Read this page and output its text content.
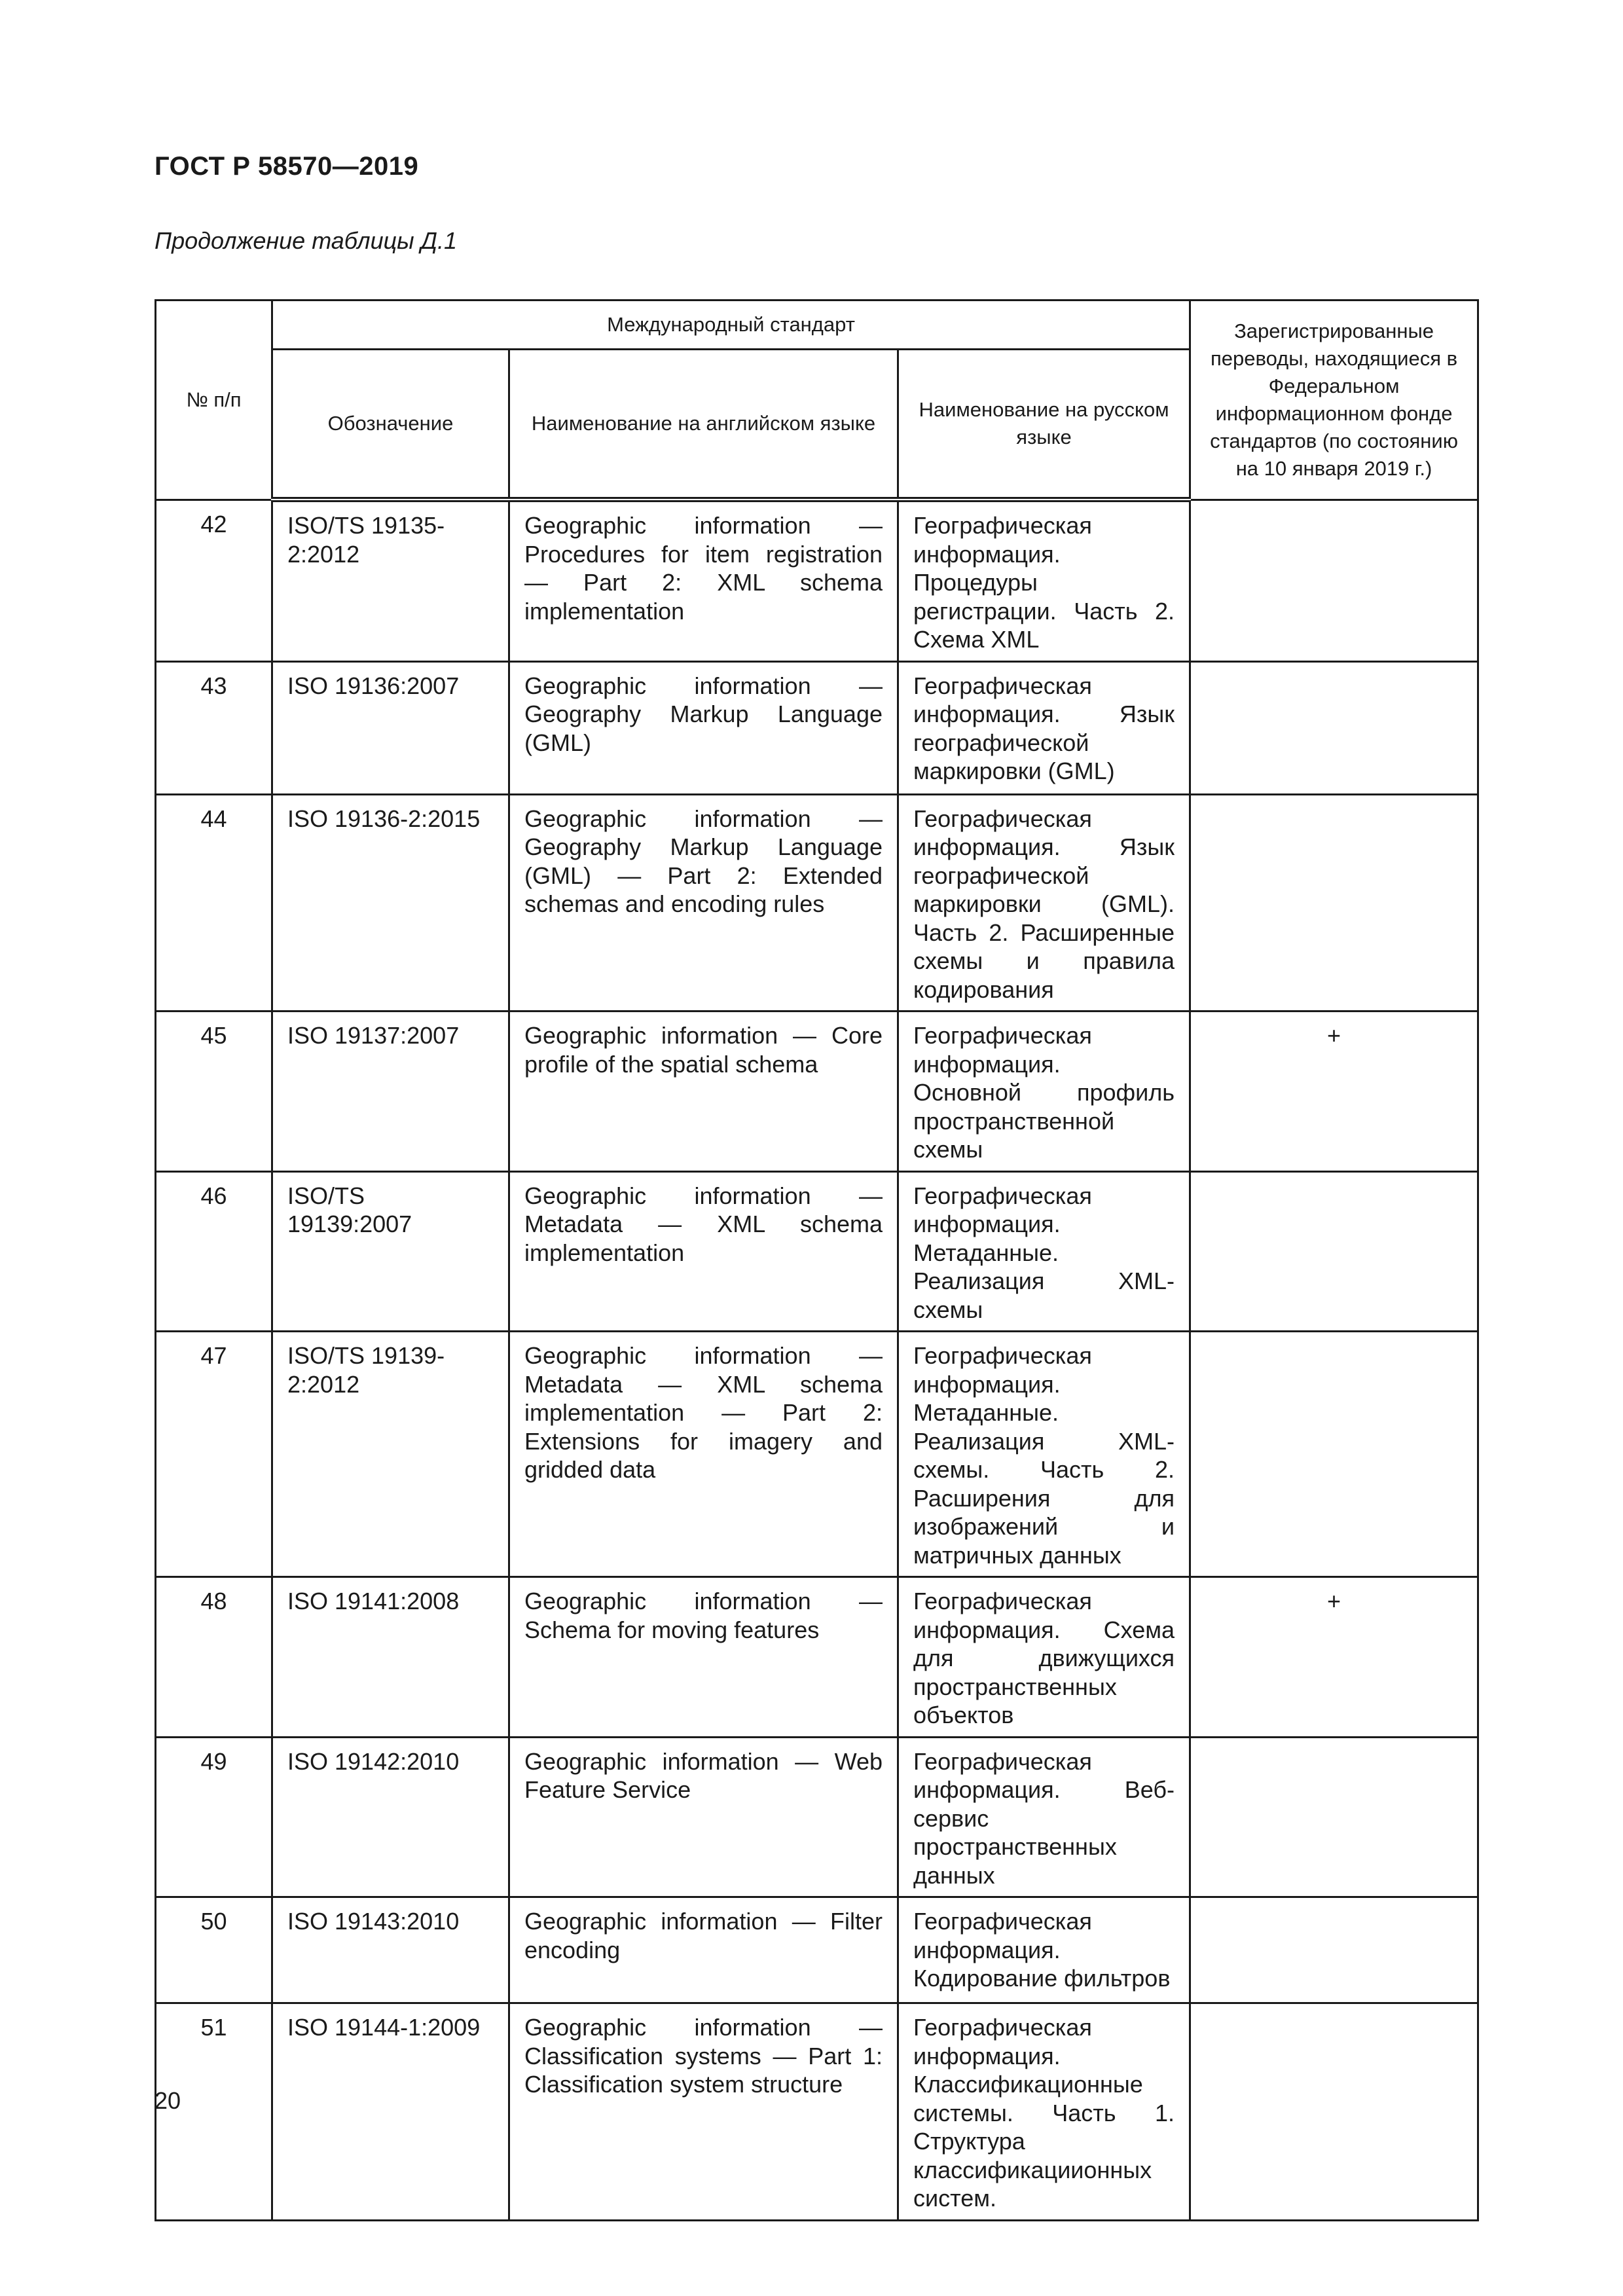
ГОСТ Р 58570—2019
Продолжение таблицы Д.1
№ п/п	Международный стандарт			Зарегистрированные переводы, находящиеся в Федеральном информационном фонде стандартов (по состоянию на 10 января 2019 г.)
	Обозначение	Наименование на английском языке	Наименование на русском языке	
42	ISO/TS 19135-2:2012	Geographic information — Procedures for item registration — Part 2: XML schema implementation	Географическая информация. Процедуры регистрации. Часть 2. Схема XML	
43	ISO 19136:2007	Geographic information — Geography Markup Language (GML)	Географическая информация. Язык географической маркировки (GML)	
44	ISO 19136-2:2015	Geographic information — Geography Markup Language (GML) — Part 2: Extended schemas and encoding rules	Географическая информация. Язык географической маркировки (GML). Часть 2. Расширенные схемы и правила кодирования	
45	ISO 19137:2007	Geographic information — Core profile of the spatial schema	Географическая информация. Основной профиль пространственной схемы	+
46	ISO/TS 19139:2007	Geographic information — Metadata — XML schema implementation	Географическая информация. Метаданные. Реализация XML-схемы	
47	ISO/TS 19139-2:2012	Geographic information — Metadata — XML schema implementation — Part 2: Extensions for imagery and gridded data	Географическая информация. Метаданные. Реализация XML-схемы. Часть 2. Расширения для изображений и матричных данных	
48	ISO 19141:2008	Geographic information — Schema for moving features	Географическая информация. Схема для движущихся пространственных объектов	+
49	ISO 19142:2010	Geographic information — Web Feature Service	Географическая информация. Веб-сервис пространственных данных	
50	ISO 19143:2010	Geographic information — Filter encoding	Географическая информация. Кодирование фильтров	
51	ISO 19144-1:2009	Geographic information — Classification systems — Part 1: Classification system structure	Географическая информация. Классификационные системы. Часть 1. Структура классификациионных систем.	
20
